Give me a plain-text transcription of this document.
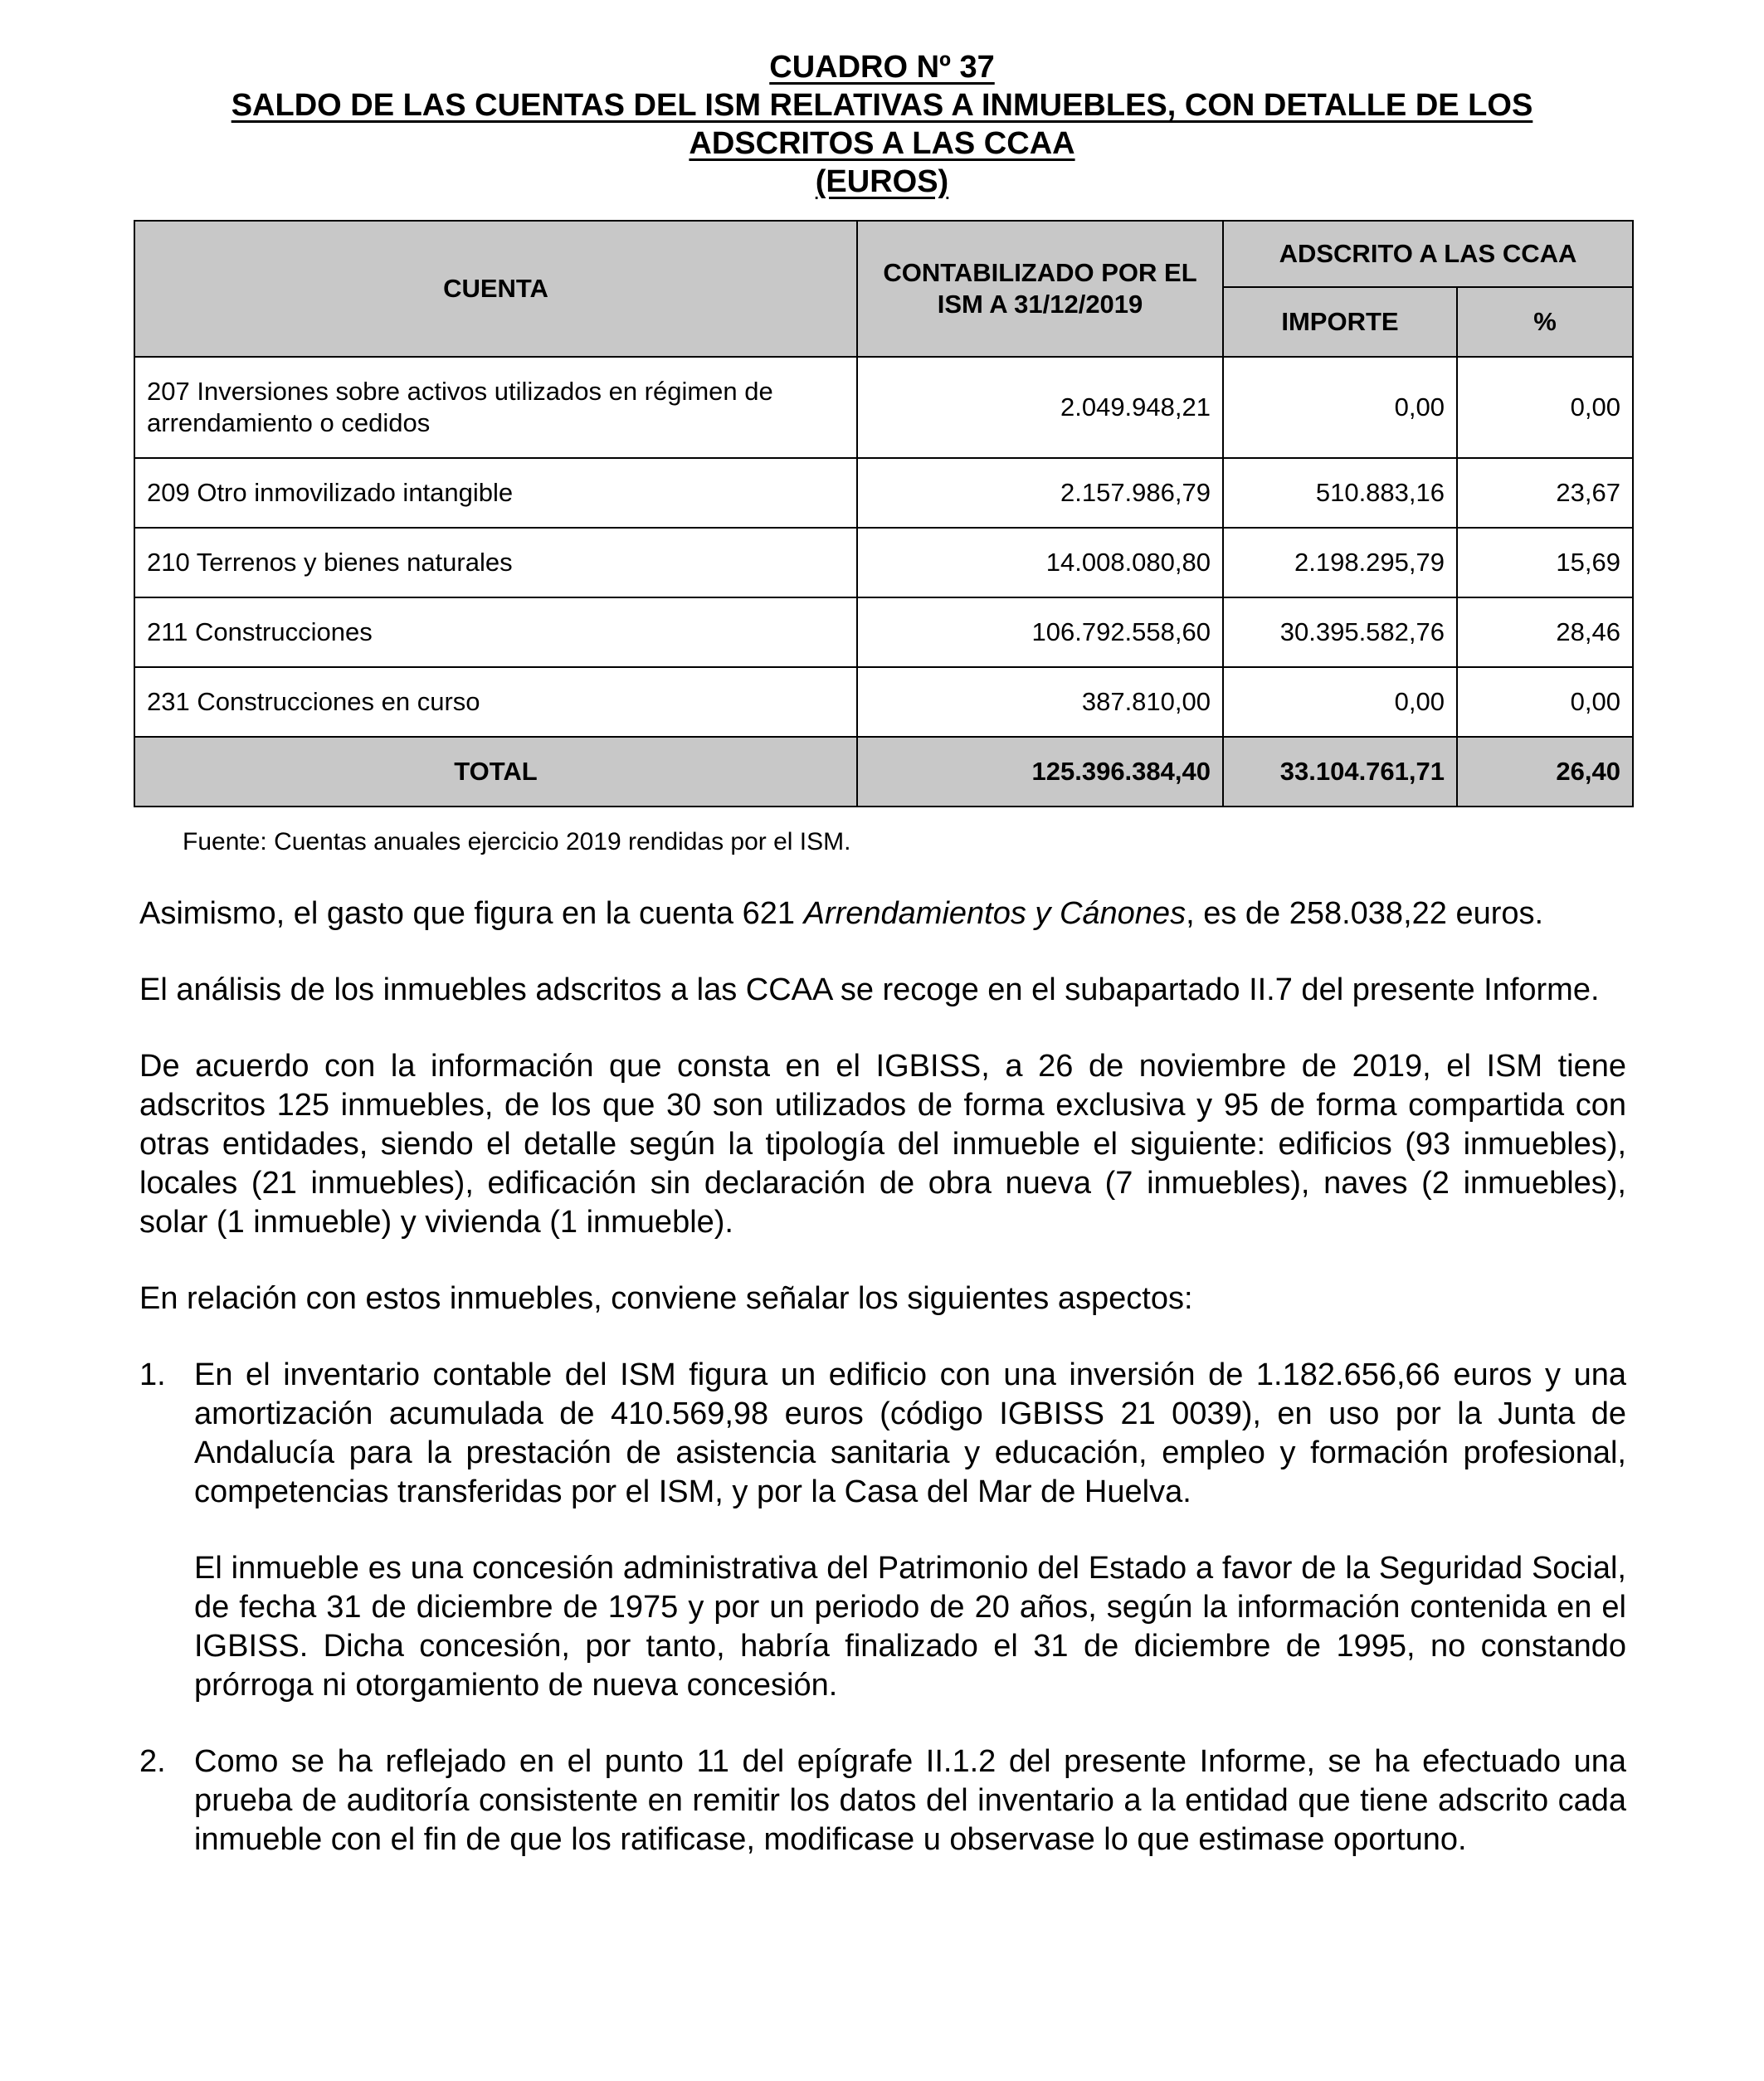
CUADRO Nº 37
SALDO DE LAS CUENTAS DEL ISM RELATIVAS A INMUEBLES, CON DETALLE DE LOS
ADSCRITOS A LAS CCAA
(EUROS)
CUENTA	CONTABILIZADO POR EL ISM A 31/12/2019	ADSCRITO A LAS CCAA	
		IMPORTE	%
207 Inversiones sobre activos utilizados en régimen de arrendamiento o cedidos	2.049.948,21	0,00	0,00
209 Otro inmovilizado intangible	2.157.986,79	510.883,16	23,67
210 Terrenos y bienes naturales	14.008.080,80	2.198.295,79	15,69
211 Construcciones	106.792.558,60	30.395.582,76	28,46
231 Construcciones en curso	387.810,00	0,00	0,00
TOTAL	125.396.384,40	33.104.761,71	26,40
Fuente: Cuentas anuales ejercicio 2019 rendidas por el ISM.

Asimismo, el gasto que figura en la cuenta 621 Arrendamientos y Cánones, es de 258.038,22 euros.

El análisis de los inmuebles adscritos a las CCAA se recoge en el subapartado II.7 del presente Informe.

De acuerdo con la información que consta en el IGBISS, a 26 de noviembre de 2019, el ISM tiene adscritos 125 inmuebles, de los que 30 son utilizados de forma exclusiva y 95 de forma compartida con otras entidades, siendo el detalle según la tipología del inmueble el siguiente: edificios (93 inmuebles), locales (21 inmuebles), edificación sin declaración de obra nueva (7 inmuebles), naves (2 inmuebles), solar (1 inmueble) y vivienda (1 inmueble).

En relación con estos inmuebles, conviene señalar los siguientes aspectos:

1. En el inventario contable del ISM figura un edificio con una inversión de 1.182.656,66 euros y una amortización acumulada de 410.569,98 euros (código IGBISS 21 0039), en uso por la Junta de Andalucía para la prestación de asistencia sanitaria y educación, empleo y formación profesional, competencias transferidas por el ISM, y por la Casa del Mar de Huelva.

El inmueble es una concesión administrativa del Patrimonio del Estado a favor de la Seguridad Social, de fecha 31 de diciembre de 1975 y por un periodo de 20 años, según la información contenida en el IGBISS. Dicha concesión, por tanto, habría finalizado el 31 de diciembre de 1995, no constando prórroga ni otorgamiento de nueva concesión.

2. Como se ha reflejado en el punto 11 del epígrafe II.1.2 del presente Informe, se ha efectuado una prueba de auditoría consistente en remitir los datos del inventario a la entidad que tiene adscrito cada inmueble con el fin de que los ratificase, modificase u observase lo que estimase oportuno.
